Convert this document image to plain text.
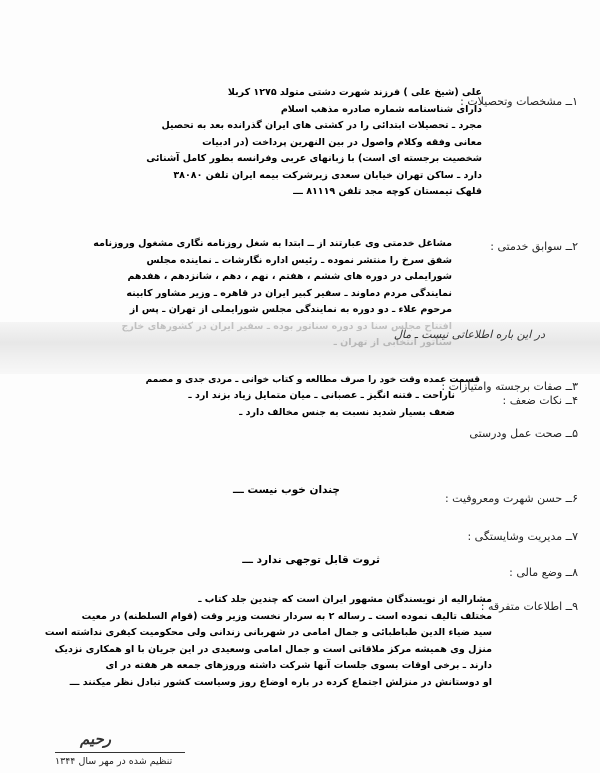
۱ــ مشخصات وتحصیلات :
علی (شیخ علی ) فرزند شهرت دشتی متولد ۱۲۷۵ کربلا
دارای شناسنامه شماره صادره مذهب اسلام
مجرد ـ تحصیلات ابتدائی را در کشتی های ایران گذرانده بعد به تحصیل
معانی وفقه وکلام واصول در بین النهرین پرداخت (در ادبیات
شخصیت برجسته ای است) با زبانهای عربی وفرانسه بطور کامل آشنائی
دارد ـ ساکن تهران خیابان سعدی زیرشرکت بیمه ایران تلفن ۳۸۰۸۰
قلهک تیمستان کوچه مجد تلفن ۸۱۱۱۹ ـــ
۲ــ سوابق خدمتی :
مشاغل خدمتی وی عبارتند از ــ ابتدا به شغل روزنامه نگاری مشغول وروزنامه
شفق سرخ را منتشر نموده ـ رئیس اداره نگارشات ـ نماینده مجلس
شورایملی در دوره های ششم ، هفتم ، نهم ، دهم ، شانزدهم ، هفدهم
نمایندگی مردم دماوند ـ سفیر کبیر ایران در قاهره ـ وزیر مشاور کابینه
مرحوم علاء ـ دو دوره به نمایندگی مجلس شورایملی از تهران ـ پس از
در این باره اطلاعاتی نیست ـ مال
۳ــ صفات برجسته وامتیازات :
قسمت عمده وقت خود را صرف مطالعه و کتاب خوانی ـ مردی جدی و مصمم
۴ــ نکات ضعف :
ناراحت ـ فتنه انگیز ـ عصبانی ـ میان متمایل زیاد بزند ارد ـ
ضعف بسیار شدید نسبت به جنس مخالف دارد ـ
۵ــ صحت عمل ودرستی
۶ــ حسن شهرت ومعروفیت :
چندان خوب نیست ـــ
۷ــ مدیریت وشایستگی :
ثروت قابل توجهی ندارد ـــ
۸ــ وضع مالی :
۹ــ اطلاعات متفرقه :
مشارالیه از نویسندگان مشهور ایران است که چندین جلد کتاب ـ
مختلف تالیف نموده است ـ رساله ۲ به سردار نخست وزیر وقت (قوام السلطنه) در معیت
سید ضیاء الدین طباطبائی و جمال امامی در شهربانی زندانی ولی محکومیت کیفری نداشته است
منزل وی همیشه مرکز ملاقاتی است و جمال امامی وسعیدی در این جریان با او همکاری نزدیک
دارند ـ برخی اوقات بسوی جلسات آنها شرکت داشته وروزهای جمعه هر هفته در ای
او دوستانش در منزلش اجتماع کرده در باره اوضاع روز وسیاست کشور تبادل نظر میکنند ـــ
رحیم
تنظیم شده در مهر سال ۱۳۴۴
